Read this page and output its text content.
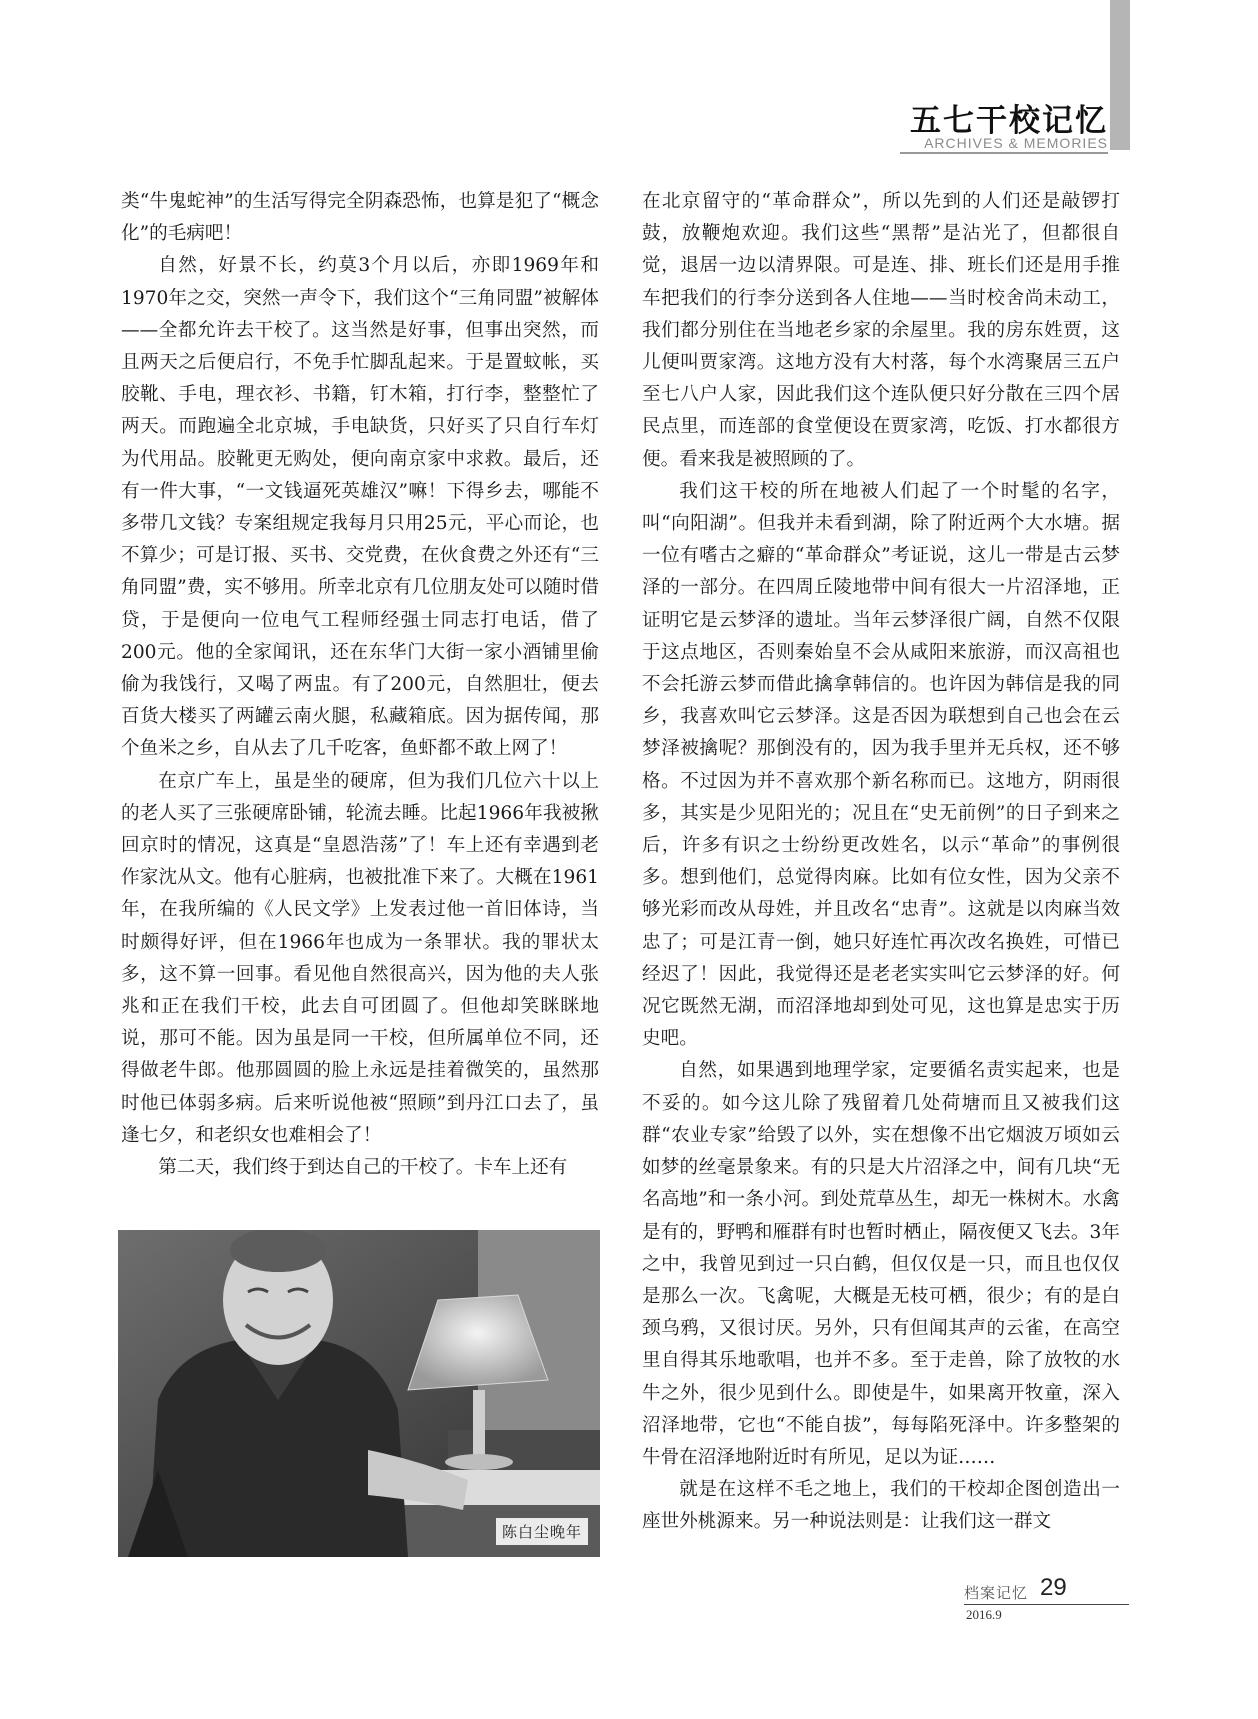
五七干校记忆
ARCHIVES & MEMORIES

类“牛鬼蛇神”的生活写得完全阴森恐怖，也算是犯了“概念化”的毛病吧！

自然，好景不长，约莫3个月以后，亦即1969年和1970年之交，突然一声令下，我们这个“三角同盟”被解体——全都允许去干校了。这当然是好事，但事出突然，而且两天之后便启行，不免手忙脚乱起来。于是置蚊帐，买胶靴、手电，理衣衫、书籍，钉木箱，打行李，整整忙了两天。而跑遍全北京城，手电缺货，只好买了只自行车灯为代用品。胶靴更无购处，便向南京家中求救。最后，还有一件大事，“一文钱逼死英雄汉”嘛！下得乡去，哪能不多带几文钱？专案组规定我每月只用25元，平心而论，也不算少；可是订报、买书、交党费，在伙食费之外还有“三角同盟”费，实不够用。所幸北京有几位朋友处可以随时借贷，于是便向一位电气工程师经强士同志打电话，借了200元。他的全家闻讯，还在东华门大街一家小酒铺里偷偷为我饯行，又喝了两盅。有了200元，自然胆壮，便去百货大楼买了两罐云南火腿，私藏箱底。因为据传闻，那个鱼米之乡，自从去了几千吃客，鱼虾都不敢上网了！

在京广车上，虽是坐的硬席，但为我们几位六十以上的老人买了三张硬席卧铺，轮流去睡。比起1966年我被揪回京时的情况，这真是“皇恩浩荡”了！车上还有幸遇到老作家沈从文。他有心脏病，也被批准下来了。大概在1961年，在我所编的《人民文学》上发表过他一首旧体诗，当时颇得好评，但在1966年也成为一条罪状。我的罪状太多，这不算一回事。看见他自然很高兴，因为他的夫人张兆和正在我们干校，此去自可团圆了。但他却笑眯眯地说，那可不能。因为虽是同一干校，但所属单位不同，还得做老牛郎。他那圆圆的脸上永远是挂着微笑的，虽然那时他已体弱多病。后来听说他被“照顾”到丹江口去了，虽逢七夕，和老织女也难相会了！

第二天，我们终于到达自己的干校了。卡车上还有

在北京留守的“革命群众”，所以先到的人们还是敲锣打鼓，放鞭炮欢迎。我们这些“黑帮”是沾光了，但都很自觉，退居一边以清界限。可是连、排、班长们还是用手推车把我们的行李分送到各人住地——当时校舍尚未动工，我们都分别住在当地老乡家的余屋里。我的房东姓贾，这儿便叫贾家湾。这地方没有大村落，每个水湾聚居三五户至七八户人家，因此我们这个连队便只好分散在三四个居民点里，而连部的食堂便设在贾家湾，吃饭、打水都很方便。看来我是被照顾的了。

我们这干校的所在地被人们起了一个时髦的名字，叫“向阳湖”。但我并未看到湖，除了附近两个大水塘。据一位有嗜古之癖的“革命群众”考证说，这儿一带是古云梦泽的一部分。在四周丘陵地带中间有很大一片沼泽地，正证明它是云梦泽的遗址。当年云梦泽很广阔，自然不仅限于这点地区，否则秦始皇不会从咸阳来旅游，而汉高祖也不会托游云梦而借此擒拿韩信的。也许因为韩信是我的同乡，我喜欢叫它云梦泽。这是否因为联想到自己也会在云梦泽被擒呢？那倒没有的，因为我手里并无兵权，还不够格。不过因为并不喜欢那个新名称而已。这地方，阴雨很多，其实是少见阳光的；况且在“史无前例”的日子到来之后，许多有识之士纷纷更改姓名，以示“革命”的事例很多。想到他们，总觉得肉麻。比如有位女性，因为父亲不够光彩而改从母姓，并且改名“忠青”。这就是以肉麻当效忠了；可是江青一倒，她只好连忙再次改名换姓，可惜已经迟了！因此，我觉得还是老老实实叫它云梦泽的好。何况它既然无湖，而沼泽地却到处可见，这也算是忠实于历史吧。

自然，如果遇到地理学家，定要循名责实起来，也是不妥的。如今这儿除了残留着几处荷塘而且又被我们这群“农业专家”给毁了以外，实在想像不出它烟波万顷如云如梦的丝毫景象来。有的只是大片沼泽之中，间有几块“无名高地”和一条小河。到处荒草丛生，却无一株树木。水禽是有的，野鸭和雁群有时也暂时栖止，隔夜便又飞去。3年之中，我曾见到过一只白鹤，但仅仅是一只，而且也仅仅是那么一次。飞禽呢，大概是无枝可栖，很少；有的是白颈乌鸦，又很讨厌。另外，只有但闻其声的云雀，在高空里自得其乐地歌唱，也并不多。至于走兽，除了放牧的水牛之外，很少见到什么。即使是牛，如果离开牧童，深入沼泽地带，它也“不能自拔”，每每陷死泽中。许多整架的牛骨在沼泽地附近时有所见，足以为证……

就是在这样不毛之地上，我们的干校却企图创造出一座世外桃源来。另一种说法则是：让我们这一群文

陈白尘晚年
档案记忆 29
2016.9
